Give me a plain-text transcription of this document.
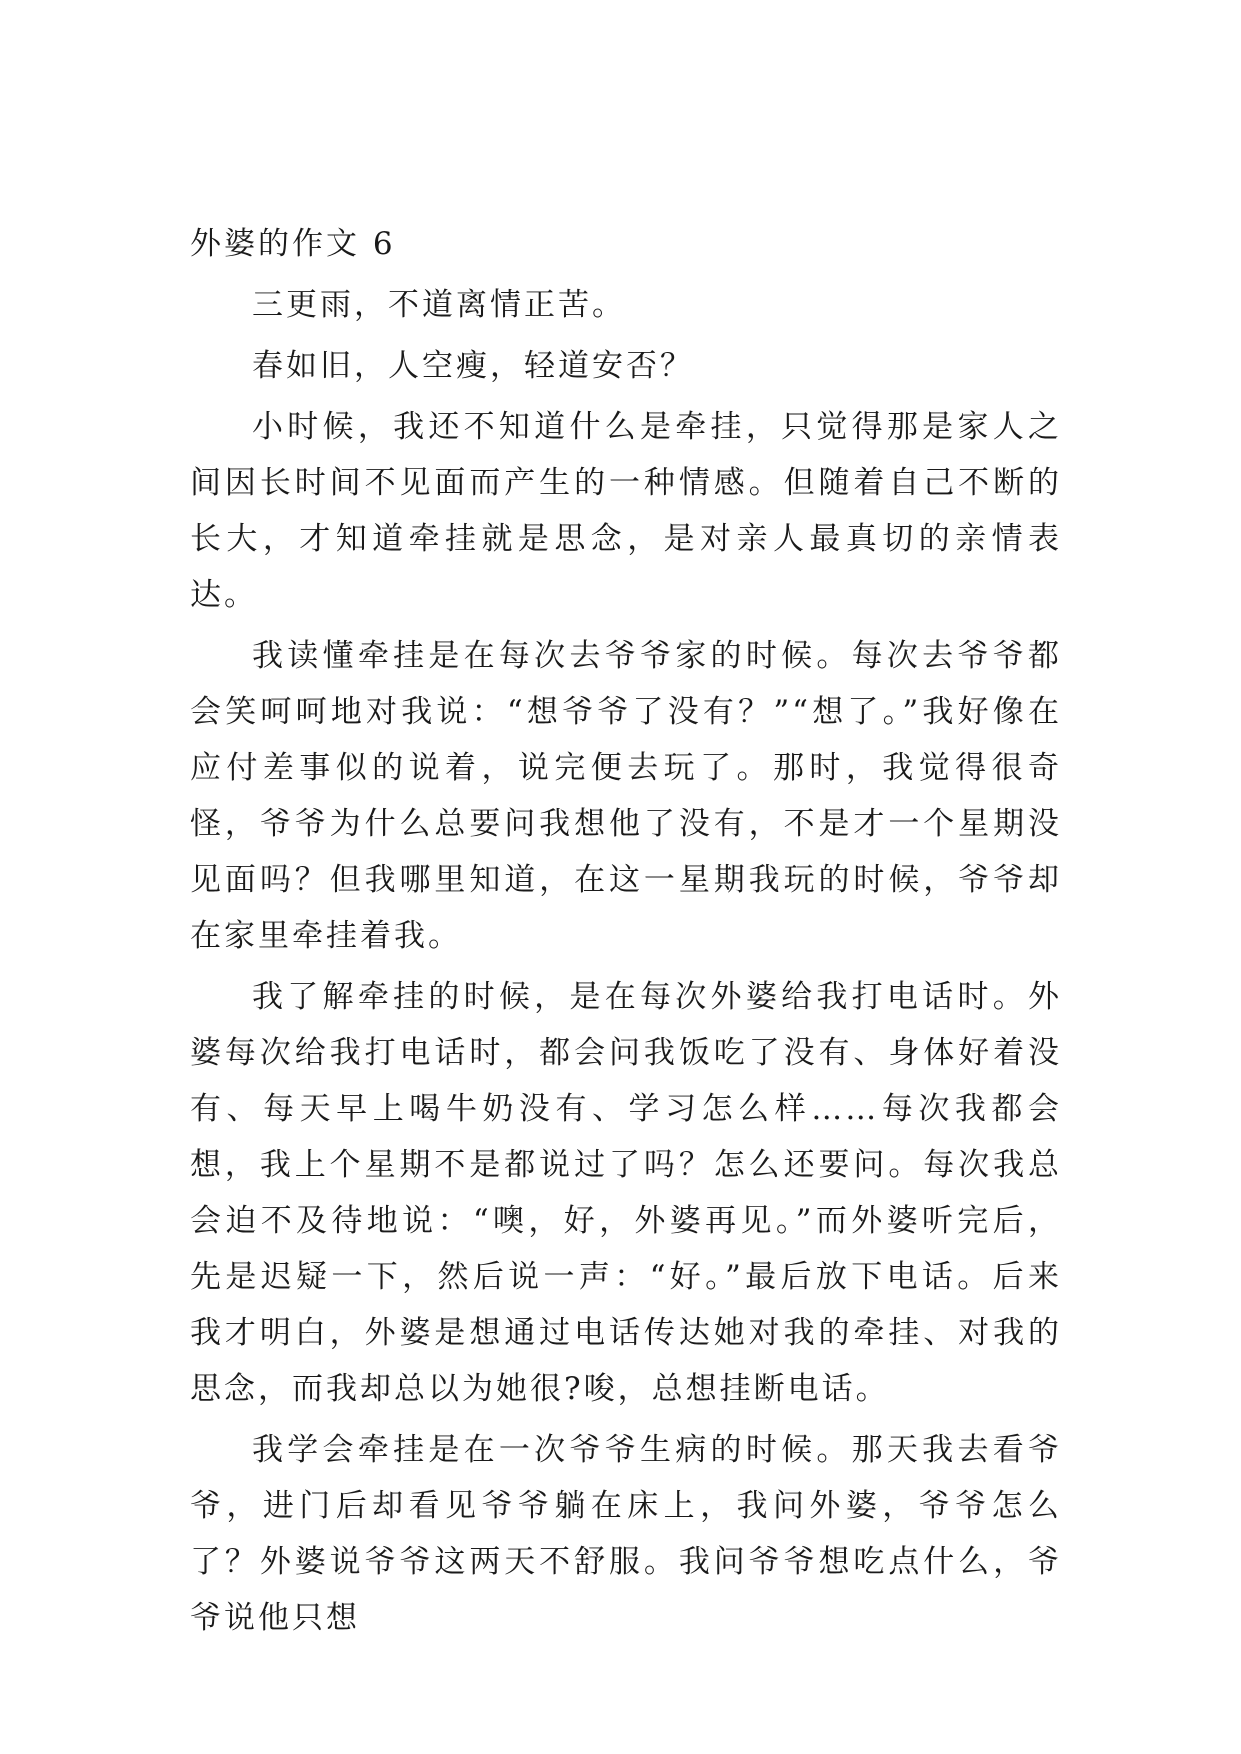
外婆的作文 6

三更雨，不道离情正苦。

春如旧，人空瘦，轻道安否？

小时候，我还不知道什么是牵挂，只觉得那是家人之间因长时间不见面而产生的一种情感。但随着自己不断的长大，才知道牵挂就是思念，是对亲人最真切的亲情表达。

我读懂牵挂是在每次去爷爷家的时候。每次去爷爷都会笑呵呵地对我说：“想爷爷了没有？”“想了。”我好像在应付差事似的说着，说完便去玩了。那时，我觉得很奇怪，爷爷为什么总要问我想他了没有，不是才一个星期没见面吗？但我哪里知道，在这一星期我玩的时候，爷爷却在家里牵挂着我。

我了解牵挂的时候，是在每次外婆给我打电话时。外婆每次给我打电话时，都会问我饭吃了没有、身体好着没有、每天早上喝牛奶没有、学习怎么样……每次我都会想，我上个星期不是都说过了吗？怎么还要问。每次我总会迫不及待地说：“噢，好，外婆再见。”而外婆听完后，先是迟疑一下，然后说一声：“好。”最后放下电话。后来我才明白，外婆是想通过电话传达她对我的牵挂、对我的思念，而我却总以为她很?唆，总想挂断电话。

我学会牵挂是在一次爷爷生病的时候。那天我去看爷爷，进门后却看见爷爷躺在床上，我问外婆，爷爷怎么了？外婆说爷爷这两天不舒服。我问爷爷想吃点什么，爷爷说他只想
